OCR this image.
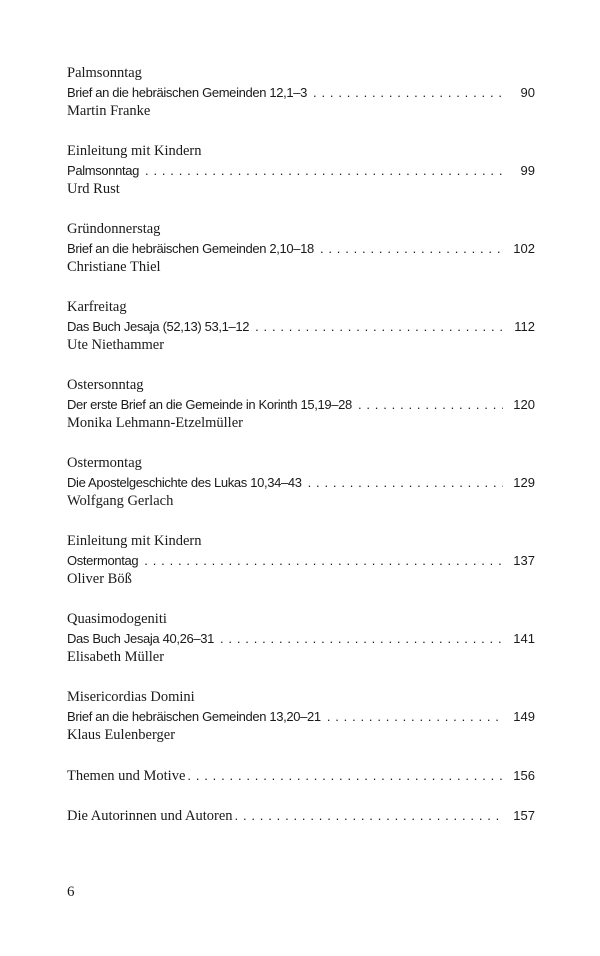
Palmsonntag
Brief an die hebräischen Gemeinden 12,1–3 . . .	90
Martin Franke
Einleitung mit Kindern
Palmsonntag . . .	99
Urd Rust
Gründonnerstag
Brief an die hebräischen Gemeinden 2,10–18 . . .	102
Christiane Thiel
Karfreitag
Das Buch Jesaja (52,13) 53,1–12 . . .	112
Ute Niethammer
Ostersonntag
Der erste Brief an die Gemeinde in Korinth 15,19–28 . . .	120
Monika Lehmann-Etzelmüller
Ostermontag
Die Apostelgeschichte des Lukas 10,34–43 . . .	129
Wolfgang Gerlach
Einleitung mit Kindern
Ostermontag . . .	137
Oliver Böß
Quasimodogeniti
Das Buch Jesaja 40,26–31 . . .	141
Elisabeth Müller
Misericordias Domini
Brief an die hebräischen Gemeinden 13,20–21 . . .	149
Klaus Eulenberger
Themen und Motive . . .	156
Die Autorinnen und Autoren . . .	157
6
